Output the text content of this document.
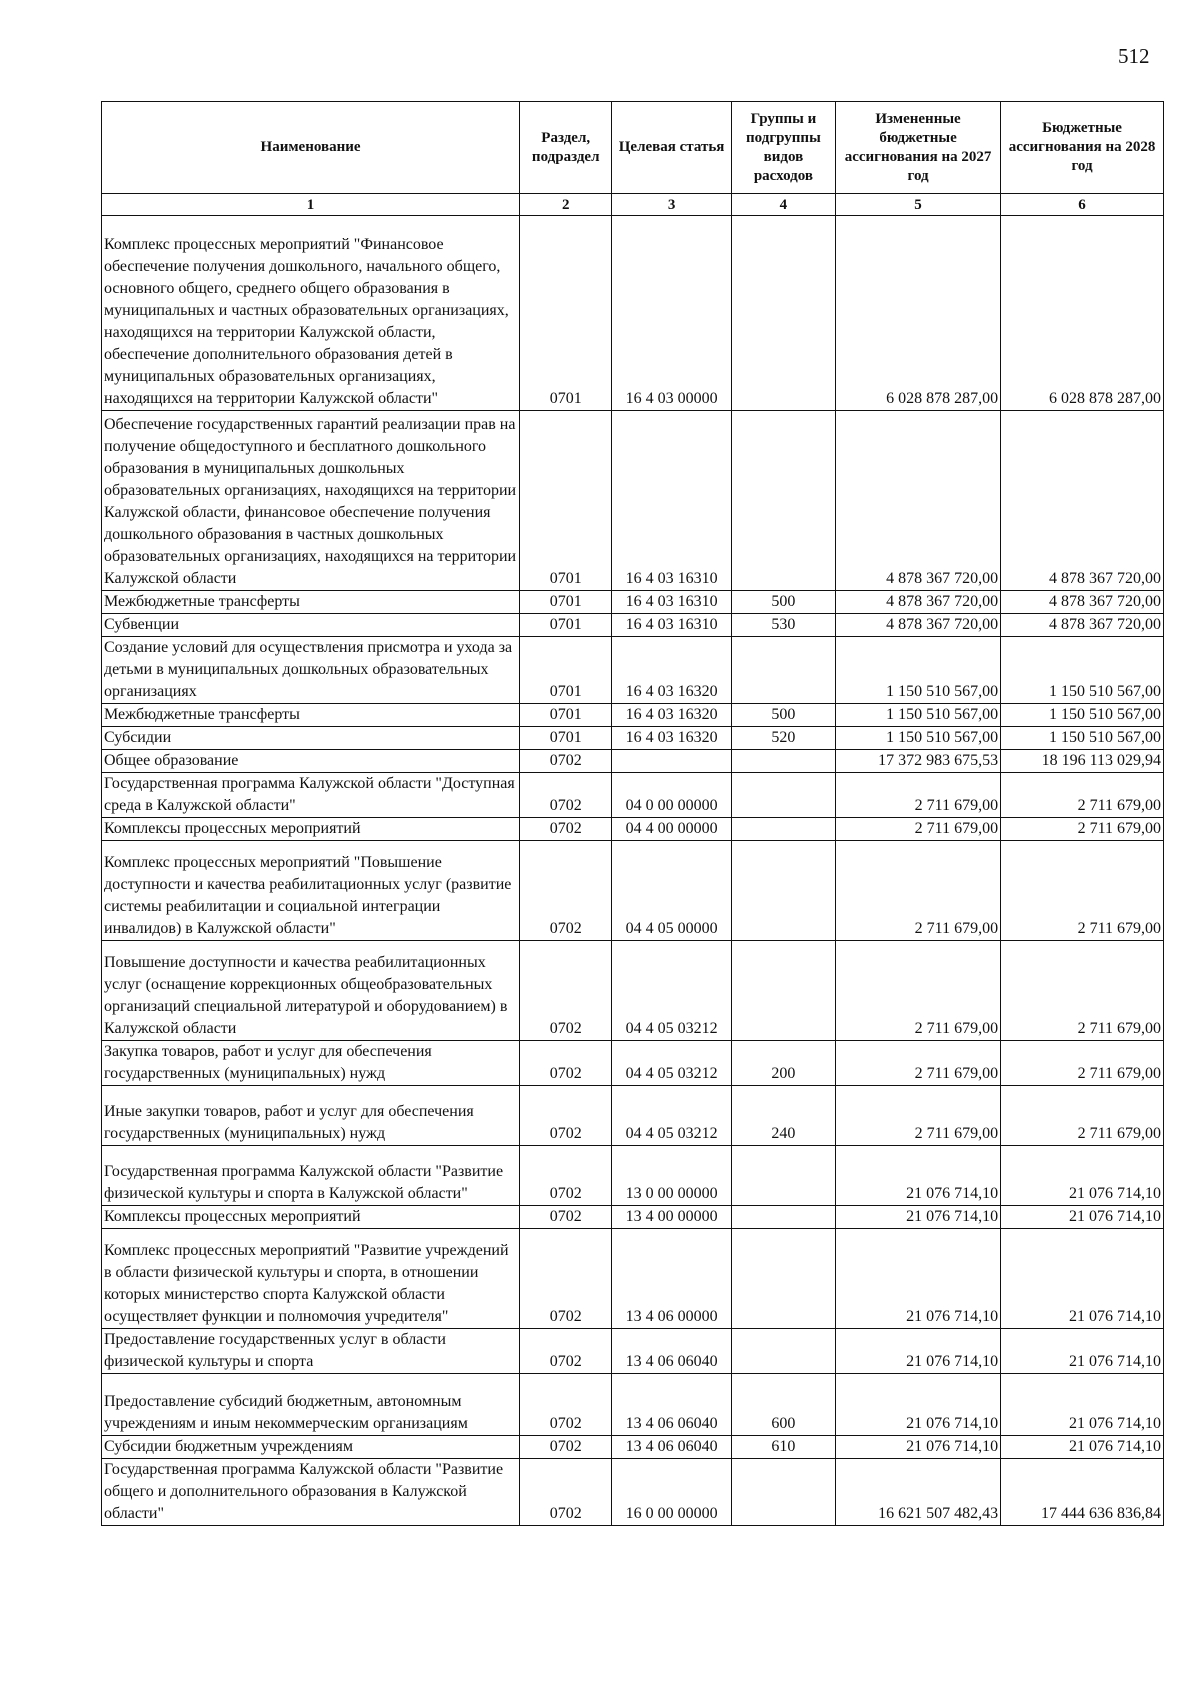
512
Наименование	Раздел, подраздел	Целевая статья	Группы и подгруппы видов расходов	Измененные бюджетные ассигнования на 2027 год	Бюджетные ассигнования на 2028 год
1	2	3	4	5	6
Комплекс процессных мероприятий "Финансовое обеспечение получения дошкольного, начального общего, основного общего, среднего общего образования в муниципальных и частных образовательных организациях, находящихся на территории Калужской области, обеспечение дополнительного образования детей в муниципальных образовательных организациях, находящихся на территории Калужской области"	0701	16 4 03 00000		6 028 878 287,00	6 028 878 287,00
Обеспечение государственных гарантий реализации прав на получение общедоступного и бесплатного дошкольного образования в муниципальных дошкольных образовательных организациях, находящихся на территории Калужской области, финансовое обеспечение получения дошкольного образования в частных дошкольных образовательных организациях, находящихся на территории Калужской области	0701	16 4 03 16310		4 878 367 720,00	4 878 367 720,00
Межбюджетные трансферты	0701	16 4 03 16310	500	4 878 367 720,00	4 878 367 720,00
Субвенции	0701	16 4 03 16310	530	4 878 367 720,00	4 878 367 720,00
Создание условий для осуществления присмотра и ухода за детьми в муниципальных дошкольных образовательных организациях	0701	16 4 03 16320		1 150 510 567,00	1 150 510 567,00
Межбюджетные трансферты	0701	16 4 03 16320	500	1 150 510 567,00	1 150 510 567,00
Субсидии	0701	16 4 03 16320	520	1 150 510 567,00	1 150 510 567,00
Общее образование	0702			17 372 983 675,53	18 196 113 029,94
Государственная программа Калужской области "Доступная среда в Калужской области"	0702	04 0 00 00000		2 711 679,00	2 711 679,00
Комплексы процессных мероприятий	0702	04 4 00 00000		2 711 679,00	2 711 679,00
Комплекс процессных мероприятий "Повышение доступности и качества реабилитационных услуг (развитие системы реабилитации и социальной интеграции инвалидов) в Калужской области"	0702	04 4 05 00000		2 711 679,00	2 711 679,00
Повышение доступности и качества реабилитационных услуг (оснащение коррекционных общеобразовательных организаций специальной литературой и оборудованием) в Калужской области	0702	04 4 05 03212		2 711 679,00	2 711 679,00
Закупка товаров, работ и услуг для обеспечения государственных (муниципальных) нужд	0702	04 4 05 03212	200	2 711 679,00	2 711 679,00
Иные закупки товаров, работ и услуг для обеспечения государственных (муниципальных) нужд	0702	04 4 05 03212	240	2 711 679,00	2 711 679,00
Государственная программа Калужской области "Развитие физической культуры и спорта в Калужской области"	0702	13 0 00 00000		21 076 714,10	21 076 714,10
Комплексы процессных мероприятий	0702	13 4 00 00000		21 076 714,10	21 076 714,10
Комплекс процессных мероприятий "Развитие учреждений в области физической культуры и спорта, в отношении которых министерство спорта Калужской области осуществляет функции и полномочия учредителя"	0702	13 4 06 00000		21 076 714,10	21 076 714,10
Предоставление государственных услуг в области физической культуры и спорта	0702	13 4 06 06040		21 076 714,10	21 076 714,10
Предоставление субсидий бюджетным, автономным учреждениям и иным некоммерческим организациям	0702	13 4 06 06040	600	21 076 714,10	21 076 714,10
Субсидии бюджетным учреждениям	0702	13 4 06 06040	610	21 076 714,10	21 076 714,10
Государственная программа Калужской области "Развитие общего и дополнительного образования в Калужской области"	0702	16 0 00 00000		16 621 507 482,43	17 444 636 836,84
